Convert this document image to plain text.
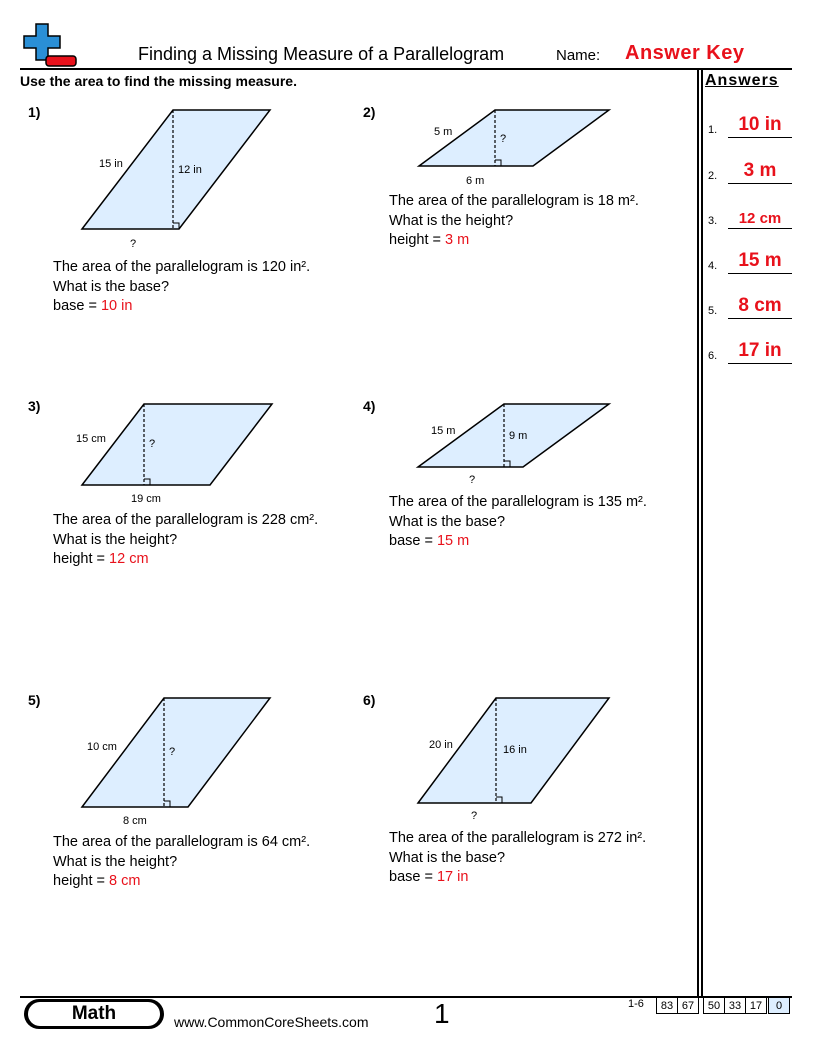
Finding a Missing Measure of a Parallelogram	Name: Answer Key
Use the area to find the missing measure.	Answers
1.	10 in
2.	3 m
3.	12 cm
4.	15 m
5.	8 cm
6.	17 in
1)
15 in	12 in
?
The area of the parallelogram is 120 in².
What is the base?
base = 10 in
2)
5 m
?
6 m
The area of the parallelogram is 18 m².
What is the height?
height = 3 m
3)
15 cm	?
19 cm
The area of the parallelogram is 228 cm².
What is the height?
height = 12 cm
4)
15 m	9 m
?
The area of the parallelogram is 135 m².
What is the base?
base = 15 m
5)
10 cm	?
8 cm
The area of the parallelogram is 64 cm².
What is the height?
height = 8 cm
6)
20 in	16 in
?
The area of the parallelogram is 272 in².
What is the base?
base = 17 in
Math	www.CommonCoreSheets.com 1	1-6	83 67	50 33 17	0
